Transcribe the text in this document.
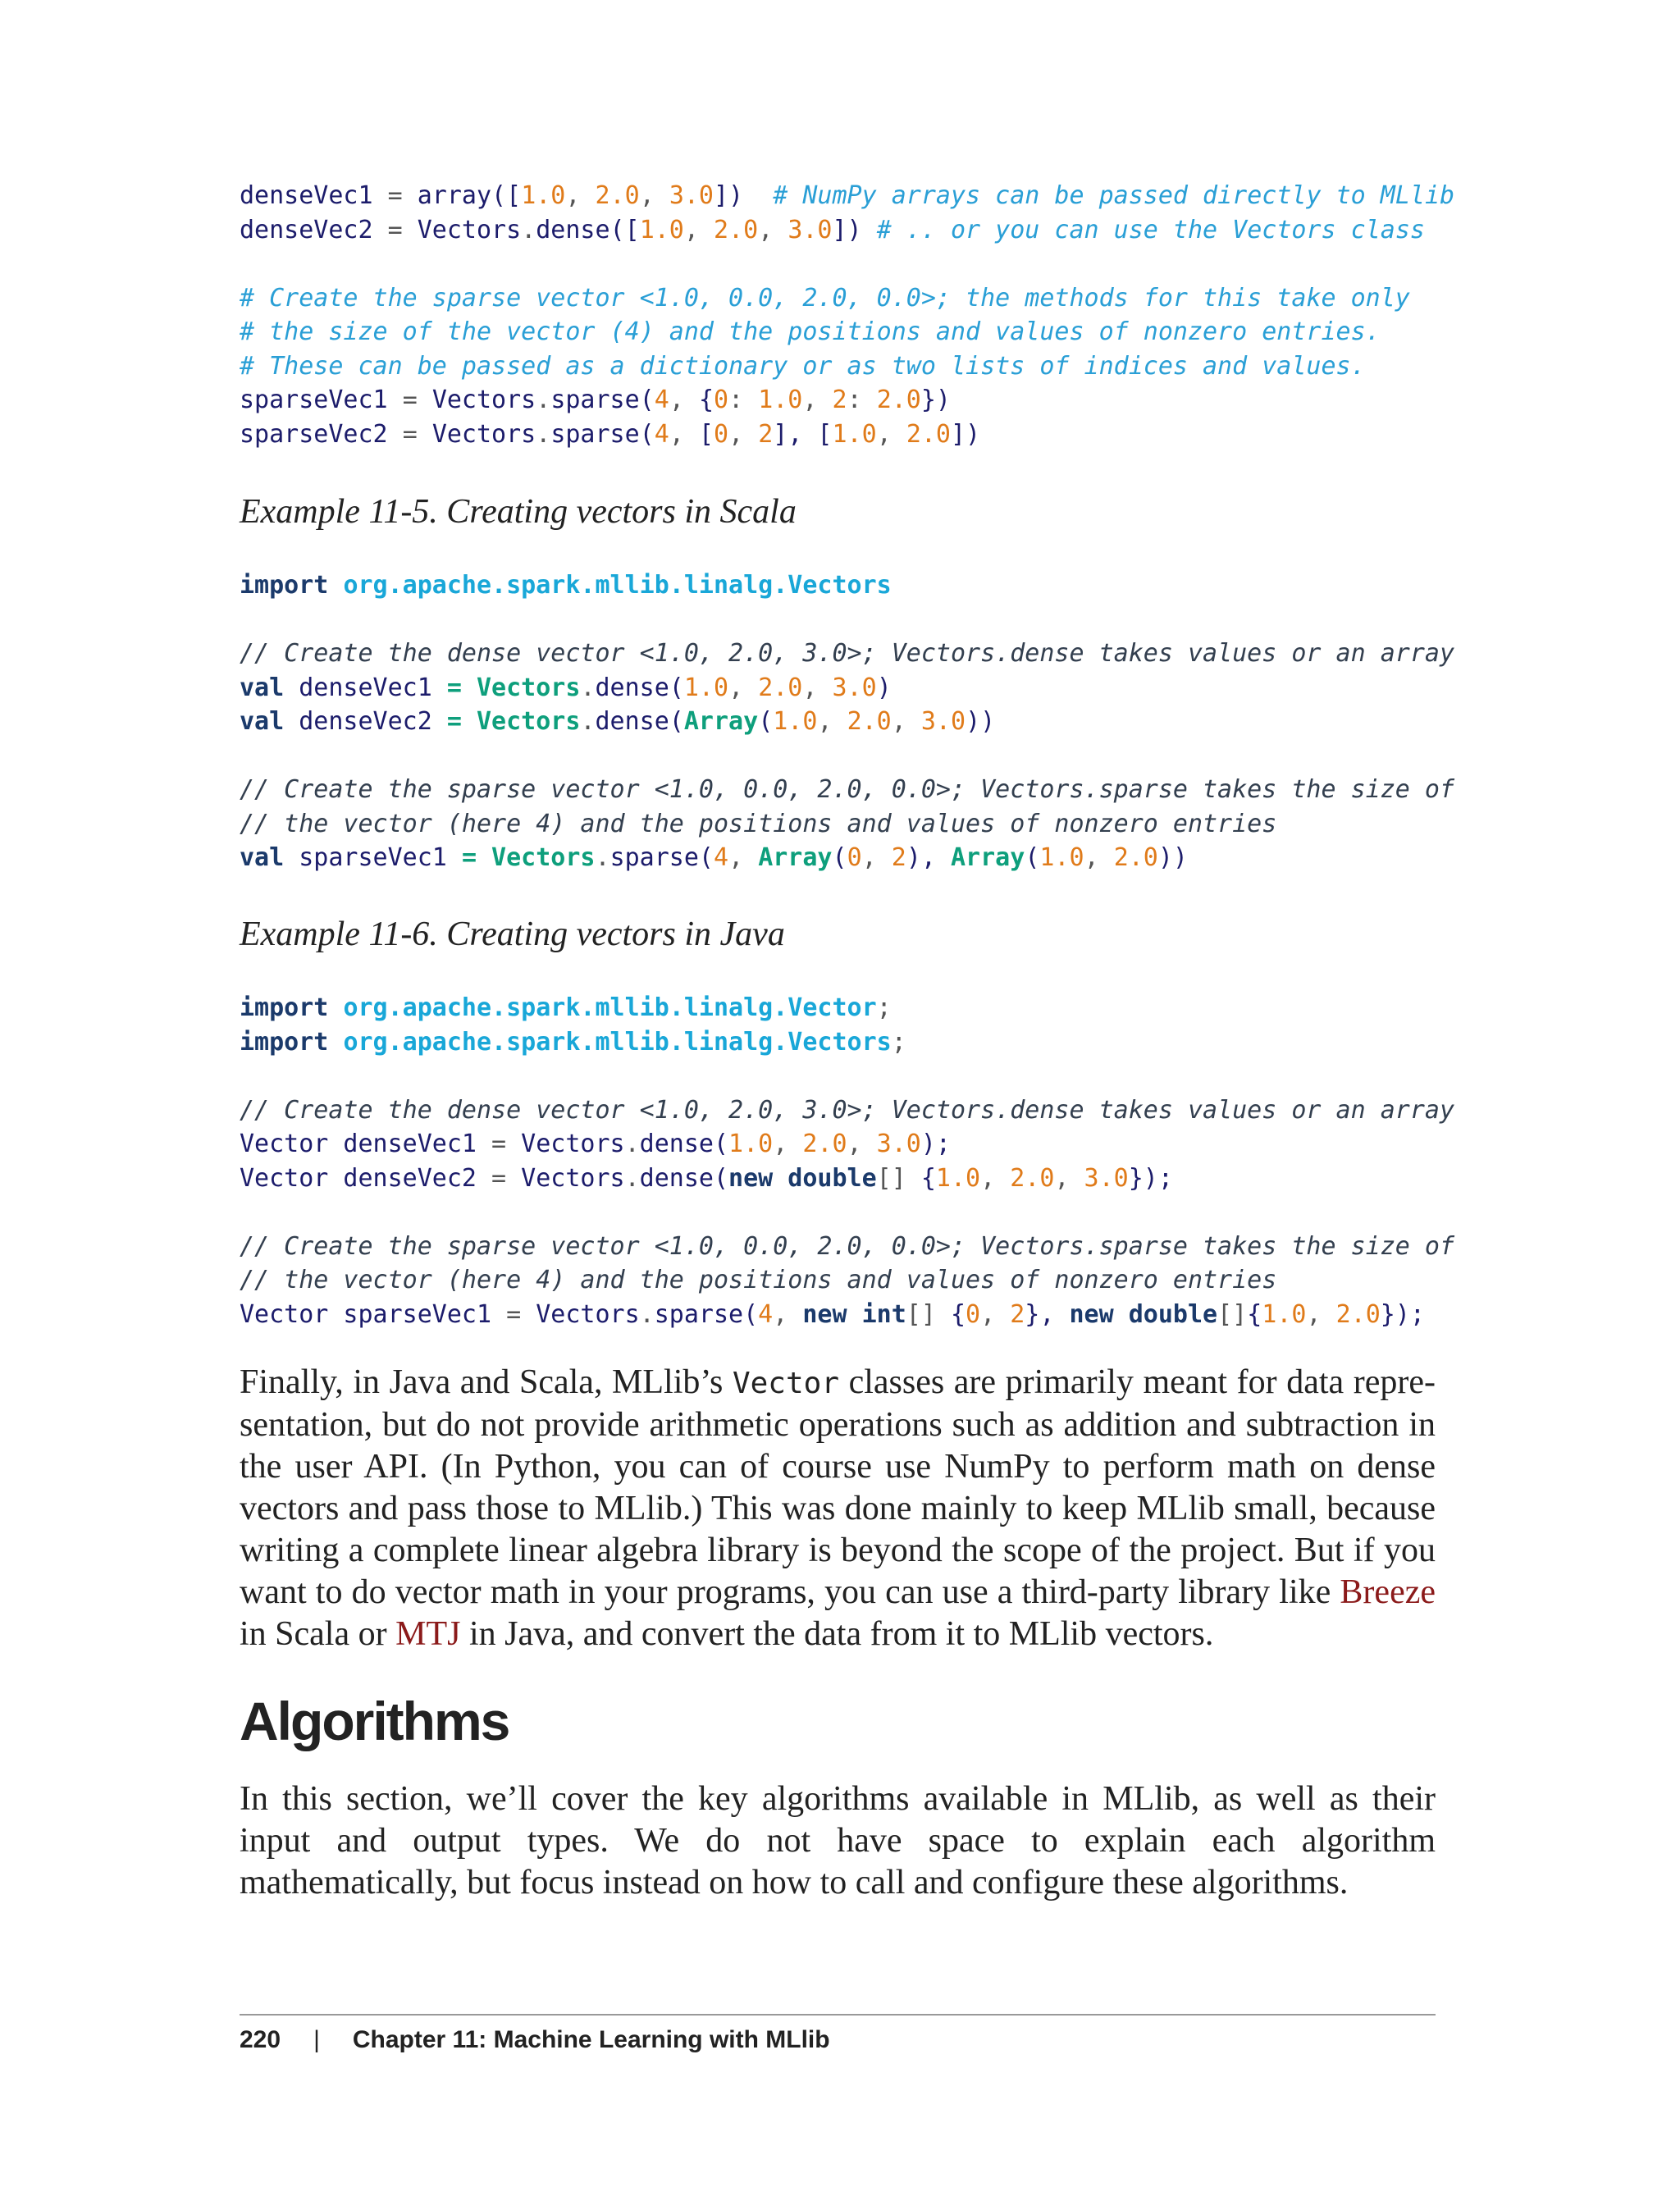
denseVec1 = array([1.0, 2.0, 3.0])  # NumPy arrays can be passed directly to MLlib
denseVec2 = Vectors.dense([1.0, 2.0, 3.0]) # .. or you can use the Vectors class
# Create the sparse vector <1.0, 0.0, 2.0, 0.0>; the methods for this take only
# the size of the vector (4) and the positions and values of nonzero entries.
# These can be passed as a dictionary or as two lists of indices and values.
sparseVec1 = Vectors.sparse(4, {0: 1.0, 2: 2.0})
sparseVec2 = Vectors.sparse(4, [0, 2], [1.0, 2.0])

Example 11-5. Creating vectors in Scala

import org.apache.spark.mllib.linalg.Vectors
// Create the dense vector <1.0, 2.0, 3.0>; Vectors.dense takes values or an array
val denseVec1 = Vectors.dense(1.0, 2.0, 3.0)
val denseVec2 = Vectors.dense(Array(1.0, 2.0, 3.0))
// Create the sparse vector <1.0, 0.0, 2.0, 0.0>; Vectors.sparse takes the size of
// the vector (here 4) and the positions and values of nonzero entries
val sparseVec1 = Vectors.sparse(4, Array(0, 2), Array(1.0, 2.0))

Example 11-6. Creating vectors in Java

import org.apache.spark.mllib.linalg.Vector;
import org.apache.spark.mllib.linalg.Vectors;
// Create the dense vector <1.0, 2.0, 3.0>; Vectors.dense takes values or an array
Vector denseVec1 = Vectors.dense(1.0, 2.0, 3.0);
Vector denseVec2 = Vectors.dense(new double[] {1.0, 2.0, 3.0});
// Create the sparse vector <1.0, 0.0, 2.0, 0.0>; Vectors.sparse takes the size of
// the vector (here 4) and the positions and values of nonzero entries
Vector sparseVec1 = Vectors.sparse(4, new int[] {0, 2}, new double[]{1.0, 2.0});

Finally, in Java and Scala, MLlib’s Vector classes are primarily meant for data representation, but do not provide arithmetic operations such as addition and subtraction in the user API. (In Python, you can of course use NumPy to perform math on dense vectors and pass those to MLlib.) This was done mainly to keep MLlib small, because writing a complete linear algebra library is beyond the scope of the project. But if you want to do vector math in your programs, you can use a third-party library like Breeze in Scala or MTJ in Java, and convert the data from it to MLlib vectors.

Algorithms

In this section, we’ll cover the key algorithms available in MLlib, as well as their input and output types. We do not have space to explain each algorithm mathematically, but focus instead on how to call and configure these algorithms.

220 | Chapter 11: Machine Learning with MLlib
